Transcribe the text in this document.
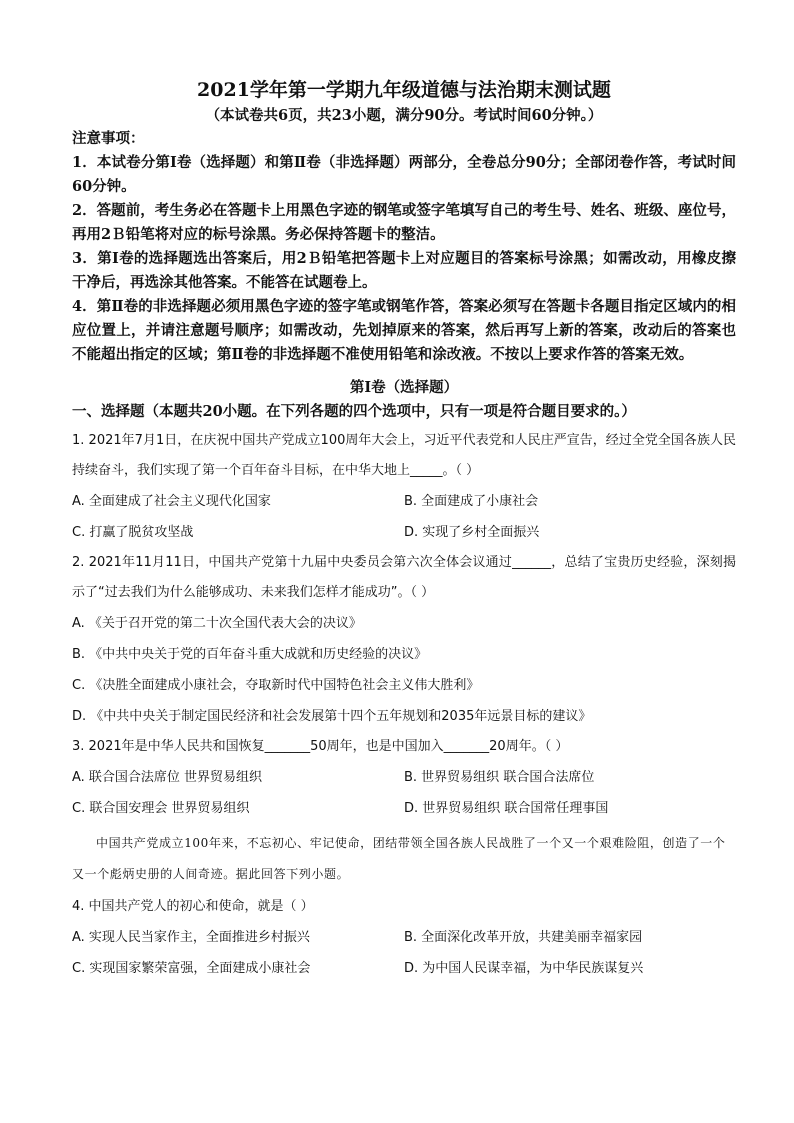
2021学年第一学期九年级道德与法治期末测试题

（本试卷共6页，共23小题，满分90分。考试时间60分钟。）

注意事项：

1．本试卷分第Ⅰ卷（选择题）和第Ⅱ卷（非选择题）两部分，全卷总分90分；全部闭卷作答，考试时间60分钟。

2．答题前，考生务必在答题卡上用黑色字迹的钢笔或签字笔填写自己的考生号、姓名、班级、座位号，再用2Ｂ铅笔将对应的标号涂黑。务必保持答题卡的整洁。

3．第Ⅰ卷的选择题选出答案后，用2Ｂ铅笔把答题卡上对应题目的答案标号涂黑；如需改动，用橡皮擦干净后，再选涂其他答案。不能答在试题卷上。

4．第Ⅱ卷的非选择题必须用黑色字迹的签字笔或钢笔作答，答案必须写在答题卡各题目指定区域内的相应位置上，并请注意题号顺序；如需改动，先划掉原来的答案，然后再写上新的答案，改动后的答案也不能超出指定的区域；第Ⅱ卷的非选择题不准使用铅笔和涂改液。不按以上要求作答的答案无效。

第Ⅰ卷（选择题）

一、选择题（本题共20小题。在下列各题的四个选项中，只有一项是符合题目要求的。）

1. 2021年7月1日，在庆祝中国共产党成立100周年大会上，习近平代表党和人民庄严宣告，经过全党全国各族人民持续奋斗，我们实现了第一个百年奋斗目标，在中华大地上_____。（ ）

A. 全面建成了社会主义现代化国家	B. 全面建成了小康社会
C. 打赢了脱贫攻坚战	D. 实现了乡村全面振兴

2. 2021年11月11日，中国共产党第十九届中央委员会第六次全体会议通过______，总结了宝贵历史经验，深刻揭示了“过去我们为什么能够成功、未来我们怎样才能成功”。（ ）

A. 《关于召开党的第二十次全国代表大会的决议》
B. 《中共中央关于党的百年奋斗重大成就和历史经验的决议》
C. 《决胜全面建成小康社会，夺取新时代中国特色社会主义伟大胜利》
D. 《中共中央关于制定国民经济和社会发展第十四个五年规划和2035年远景目标的建议》

3. 2021年是中华人民共和国恢复_______50周年，也是中国加入_______20周年。（ ）

A. 联合国合法席位 世界贸易组织	B. 世界贸易组织 联合国合法席位
C. 联合国安理会 世界贸易组织	D. 世界贸易组织 联合国常任理事国

中国共产党成立100年来，不忘初心、牢记使命，团结带领全国各族人民战胜了一个又一个艰难险阻，创造了一个又一个彪炳史册的人间奇迹。据此回答下列小题。

4. 中国共产党人的初心和使命，就是（ ）

A. 实现人民当家作主，全面推进乡村振兴	B. 全面深化改革开放，共建美丽幸福家园
C. 实现国家繁荣富强，全面建成小康社会	D. 为中国人民谋幸福，为中华民族谋复兴
